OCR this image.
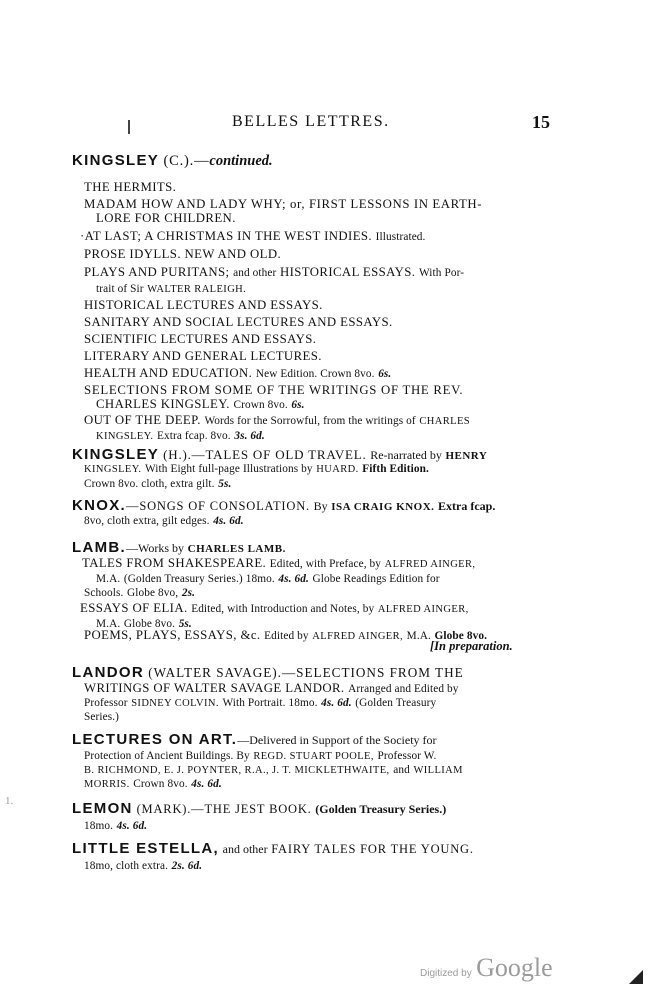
BELLES LETTRES.	15
KINGSLEY (C.).—continued.
THE HERMITS.
MADAM HOW AND LADY WHY; or, FIRST LESSONS IN EARTH-
LORE FOR CHILDREN.
·AT LAST; A CHRISTMAS IN THE WEST INDIES. Illustrated.
PROSE IDYLLS. NEW AND OLD.
PLAYS AND PURITANS; and other HISTORICAL ESSAYS. With Por-
trait of Sir WALTER RALEIGH.
HISTORICAL LECTURES AND ESSAYS.
SANITARY AND SOCIAL LECTURES AND ESSAYS.
SCIENTIFIC LECTURES AND ESSAYS.
LITERARY AND GENERAL LECTURES.
HEALTH AND EDUCATION. New Edition. Crown 8vo. 6s.
SELECTIONS FROM SOME OF THE WRITINGS OF THE REV.
CHARLES KINGSLEY. Crown 8vo. 6s.
OUT OF THE DEEP. Words for the Sorrowful, from the writings of CHARLES
KINGSLEY. Extra fcap. 8vo. 3s. 6d.
KINGSLEY (H.).—TALES OF OLD TRAVEL. Re-narrated by HENRY
KINGSLEY. With Eight full-page Illustrations by HUARD. Fifth Edition.
Crown 8vo. cloth, extra gilt. 5s.
KNOX.—SONGS OF CONSOLATION. By ISA CRAIG KNOX. Extra fcap.
8vo, cloth extra, gilt edges. 4s. 6d.
LAMB.—Works by CHARLES LAMB.
TALES FROM SHAKESPEARE. Edited, with Preface, by ALFRED AINGER,
M.A. (Golden Treasury Series.) 18mo. 4s. 6d. Globe Readings Edition for
Schools. Globe 8vo, 2s.
ESSAYS OF ELIA. Edited, with Introduction and Notes, by ALFRED AINGER,
M.A. Globe 8vo. 5s.
POEMS, PLAYS, ESSAYS, &c. Edited by ALFRED AINGER, M.A. Globe 8vo.
[In preparation.
LANDOR (WALTER SAVAGE).—SELECTIONS FROM THE
WRITINGS OF WALTER SAVAGE LANDOR. Arranged and Edited by
Professor SIDNEY COLVIN. With Portrait. 18mo. 4s. 6d. (Golden Treasury
Series.)
LECTURES ON ART.—Delivered in Support of the Society for
Protection of Ancient Buildings. By REGD. STUART POOLE, Professor W.
B. RICHMOND, E. J. POYNTER, R.A., J. T. MICKLETHWAITE, and WILLIAM
MORRIS. Crown 8vo. 4s. 6d.
LEMON (MARK).—THE JEST BOOK. (Golden Treasury Series.)
18mo. 4s. 6d.
LITTLE ESTELLA, and other FAIRY TALES FOR THE YOUNG.
18mo, cloth extra. 2s. 6d.
1.
Digitized by Google
